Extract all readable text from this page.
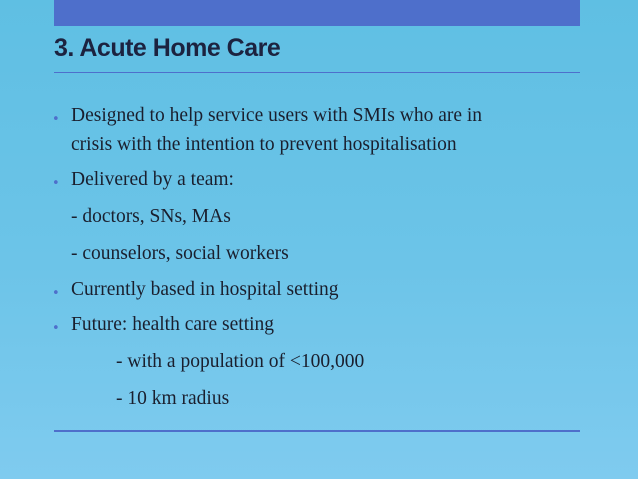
3. Acute Home Care
• Designed to help service users with SMIs who are in
crisis with the intention to prevent hospitalisation
• Delivered by a team:
- doctors, SNs, MAs
- counselors, social workers
• Currently based in hospital setting
• Future: health care setting
- with a population of <100,000
- 10 km radius
